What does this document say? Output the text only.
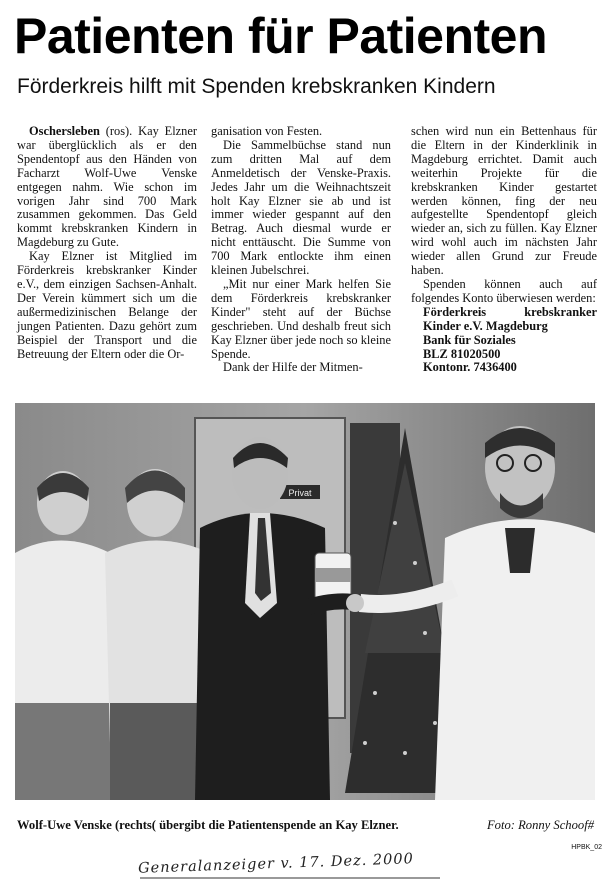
Patienten für Patienten
Förderkreis hilft mit Spenden krebskranken Kindern

Oschersleben (ros). Kay Elzner war überglücklich als er den Spendentopf aus den Händen von Facharzt Wolf-Uwe Venske entgegen nahm. Wie schon im vorigen Jahr sind 700 Mark zusammen gekommen. Das Geld kommt krebskranken Kindern in Magdeburg zu Gute.

Kay Elzner ist Mitglied im Förderkreis krebskranker Kinder e.V., dem einzigen Sachsen-Anhalt. Der Verein kümmert sich um die außermedizinischen Belange der jungen Patienten. Dazu gehört zum Beispiel der Transport und die Betreuung der Eltern oder die Or-

ganisation von Festen.

Die Sammelbüchse stand nun zum dritten Mal auf dem Anmeldetisch der Venske-Praxis. Jedes Jahr um die Weihnachtszeit holt Kay Elzner sie ab und ist immer wieder gespannt auf den Betrag. Auch diesmal wurde er nicht enttäuscht. Die Summe von 700 Mark entlockte ihm einen kleinen Jubelschrei.

„Mit nur einer Mark helfen Sie dem Förderkreis krebskranker Kinder" steht auf der Büchse geschrieben. Und deshalb freut sich Kay Elzner über jede noch so kleine Spende.

Dank der Hilfe der Mitmen-

schen wird nun ein Bettenhaus für die Eltern in der Kinderklinik in Magdeburg errichtet. Damit auch weiterhin Projekte für die krebskranken Kinder gestartet werden können, fing der neu aufgestellte Spendentopf gleich wieder an, sich zu füllen. Kay Elzner wird wohl auch im nächsten Jahr wieder allen Grund zur Freude haben.

Spenden können auch auf folgendes Konto überwiesen werden:

Förderkreis	krebskranker
Kinder e.V. Magdeburg
Bank für Soziales
BLZ 81020500
Kontonr. 7436400
Privat
Wolf-Uwe Venske (rechts( übergibt die Patientenspende an Kay Elzner.	Foto: Ronny Schoof#
HPBK_02
Generalanzeiger v. 17. Dez. 2000
